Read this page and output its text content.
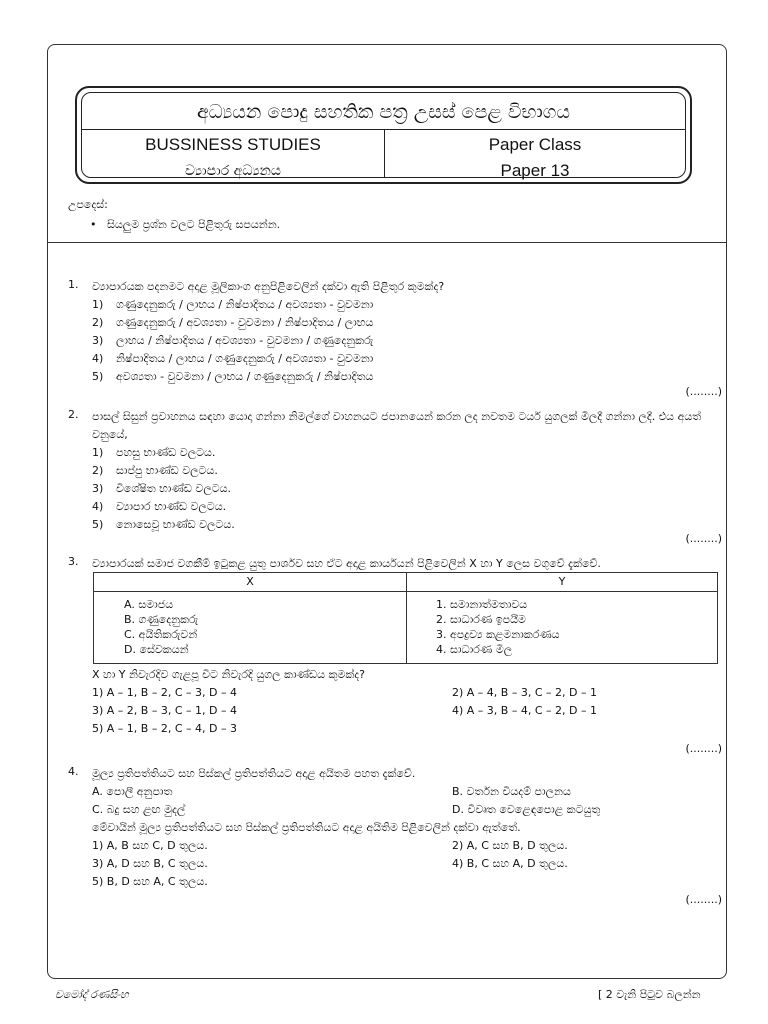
අධ්‍යයන පොදු සහතික පත්‍ර උසස් පෙළ විභාගය
BUSSINESS STUDIES
ව්‍යාපාර අධ්‍යනය
Paper Class
Paper 13
උපදෙස්:
•   සියලුම ප්‍රශ්න වලට පිළිතුරු සපයන්න.
1. ව්‍යාපාරයක පදනමට අදාළ මූලිකාංග අනුපිළිවෙලින් දක්වා ඇති පිළිතුර කුමක්ද?
1) ගණුදෙනුකරු / ලාභය / නිෂ්පාදිතය / අවශ්‍යතා - වුවමනා
2) ගණුදෙනුකරු / අවශ්‍යතා - වුවමනා / නිෂ්පාදිතය / ලාභය
3) ලාභය / නිෂ්පාදිතය / අවශ්‍යතා - වුවමනා / ගණුදෙනුකරු
4) නිෂ්පාදිතය / ලාභය / ගණුදෙනුකරු / අවශ්‍යතා - වුවමනා
5) අවශ්‍යතා - වුවමනා / ලාභය / ගණුදෙනුකරු / නිෂ්පාදිතය
(........)
2. පාසල් සිසුන් ප්‍රවාහනය සඳහා යොදා ගන්නා නිමල්ගේ වාහනයට ජපානයෙන් කරන ලද නවතම ටයර් යුගලක් මිලදී ගන්නා ලදී. එය අයත් වනුයේ,
1) පහසු භාණ්ඩ වලටය.
2) සාප්පු භාණ්ඩ වලටය.
3) විශේෂිත භාණ්ඩ වලටය.
4) ව්‍යාපාර භාණ්ඩ වලටය.
5) නොසෙවූ භාණ්ඩ වලටය.
(........)
3. ව්‍යාපාරයක් සමාජ වගකීම් ඉටුකළ යුතු පාර්ශව සහ ඒට අදාළ කාර්යයන් පිළිවෙලින් X හා Y ලෙස වගුවේ දැක්වේ.
X	Y
A. සමාජය
B. ගණුදෙනුකරු
C. අයිතිකරුවන්
D. සේවකයන්
1. සමානාත්මතාවය
2. සාධාරණ ඉපයීම
3. අපද්‍රව්‍ය කළමනාකරණය
4. සාධාරණ මිල
X හා Y නිවැරදිව ගැළපූ විට නිවැරදි යුගල කාණ්ඩය කුමක්ද?
1) A – 1, B – 2, C – 3, D – 4	2) A – 4, B – 3, C – 2, D – 1
3) A – 2, B – 3, C – 1, D – 4	4) A – 3, B – 4, C – 2, D – 1
5) A – 1, B – 2, C – 4, D – 3
(........)
4. මූල්‍ය ප්‍රතිපත්තියට සහ පිස්කල් ප්‍රතිපත්තියට අදාළ අයිතම පහත දැක්වේ.
A. පොලී අනුපාත	B. වර්තන වියදම් පාලනය
C. බදු සහ ළඟ මුදල්	D. විවෘත වෙළෙඳපොළ කටයුතු
මේවායින් මූල්‍ය ප්‍රතිපත්තියට සහ පිස්කල් ප්‍රතිපත්තියට අදාළ අයිතිම පිළිවෙලින් දක්වා ඇත්තේ.
1) A, B සහ C, D තුලය.	2) A, C සහ B, D තුලය.
3) A, D සහ B, C තුලය.	4) B, C සහ A, D තුලය.
5) B, D සහ A, C තුලය.
(........)
චමෝද් රණසිංහ	[ 2 වැනි පිටුව බලන්න
